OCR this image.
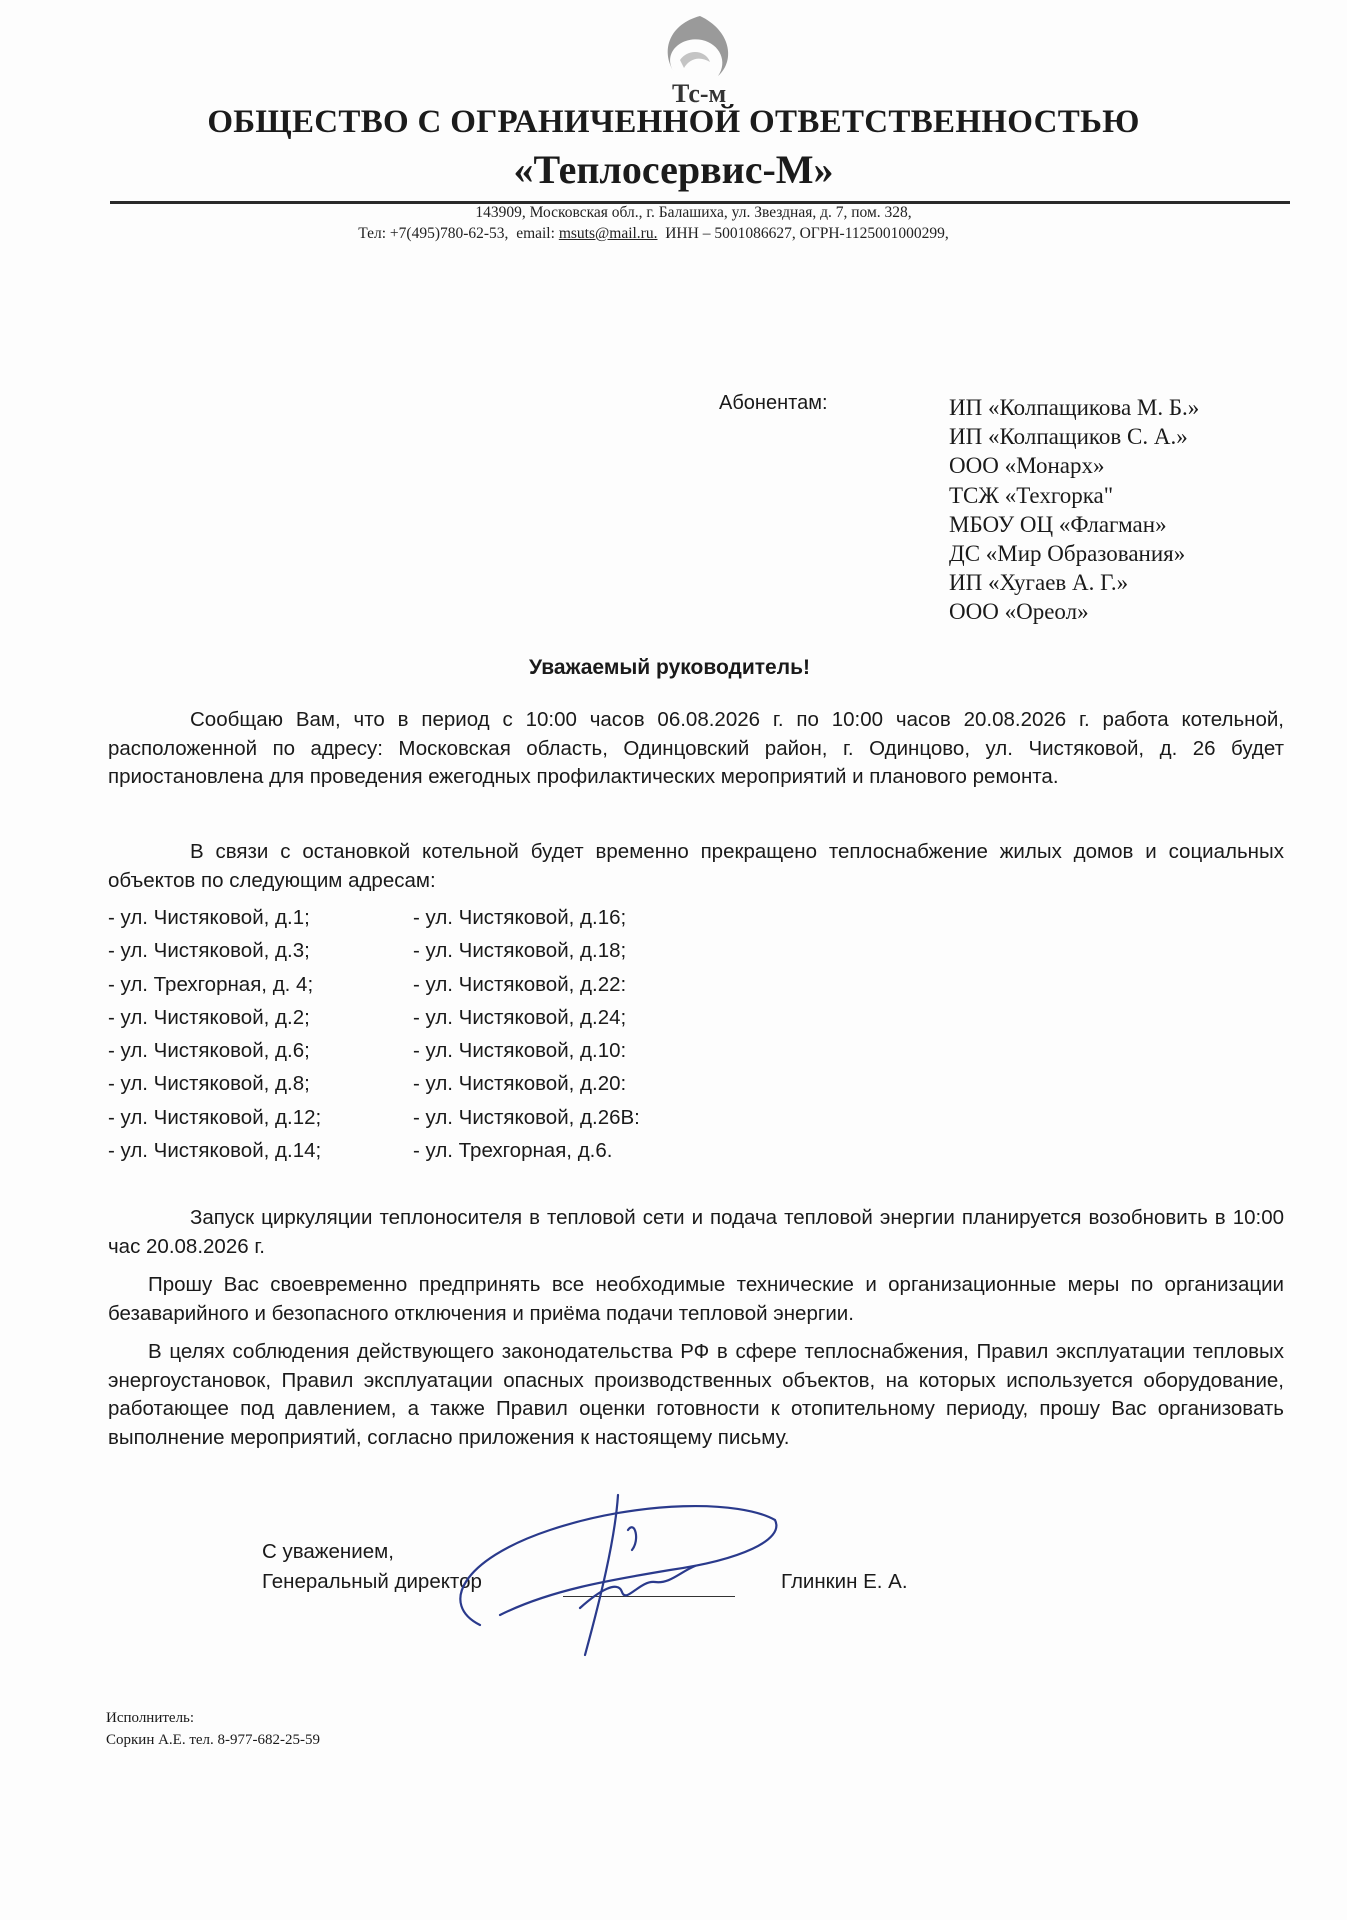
Тс-м
ОБЩЕСТВО С ОГРАНИЧЕННОЙ ОТВЕТСТВЕННОСТЬЮ
«Теплосервис-М»
143909, Московская обл., г. Балашиха, ул. Звездная, д. 7, пом. 328,
Тел: +7(495)780-62-53, email: msuts@mail.ru. ИНН – 5001086627, ОГРН-1125001000299,
Абонентам:	ИП «Колпащикова М. Б.»
ИП «Колпащиков С. А.»
ООО «Монарх»
ТСЖ «Техгорка"
МБОУ ОЦ «Флагман»
ДС «Мир Образования»
ИП «Хугаев А. Г.»
ООО «Ореол»
Уважаемый руководитель!
Сообщаю Вам, что в период с 10:00 часов 06.08.2026 г. по 10:00 часов 20.08.2026 г. работа котельной, расположенной по адресу: Московская область, Одинцовский район, г. Одинцово, ул. Чистяковой, д. 26 будет приостановлена для проведения ежегодных профилактических мероприятий и планового ремонта.
В связи с остановкой котельной будет временно прекращено теплоснабжение жилых домов и социальных объектов по следующим адресам:
- ул. Чистяковой, д.1;
- ул. Чистяковой, д.3;
- ул. Трехгорная, д. 4;
- ул. Чистяковой, д.2;
- ул. Чистяковой, д.6;
- ул. Чистяковой, д.8;
- ул. Чистяковой, д.12;
- ул. Чистяковой, д.14;
- ул. Чистяковой, д.16;
- ул. Чистяковой, д.18;
- ул. Чистяковой, д.22:
- ул. Чистяковой, д.24;
- ул. Чистяковой, д.10:
- ул. Чистяковой, д.20:
- ул. Чистяковой, д.26В:
- ул. Трехгорная, д.6.
Запуск циркуляции теплоносителя в тепловой сети и подача тепловой энергии планируется возобновить в 10:00 час 20.08.2026 г.
Прошу Вас своевременно предпринять все необходимые технические и организационные меры по организации безаварийного и безопасного отключения и приёма подачи тепловой энергии.
В целях соблюдения действующего законодательства РФ в сфере теплоснабжения, Правил эксплуатации тепловых энергоустановок, Правил эксплуатации опасных производственных объектов, на которых используется оборудование, работающее под давлением, а также Правил оценки готовности к отопительному периоду, прошу Вас организовать выполнение мероприятий, согласно приложения к настоящему письму.
С уважением,
Генеральный директор	Глинкин Е. А.
Исполнитель:
Соркин А.Е. тел. 8-977-682-25-59
